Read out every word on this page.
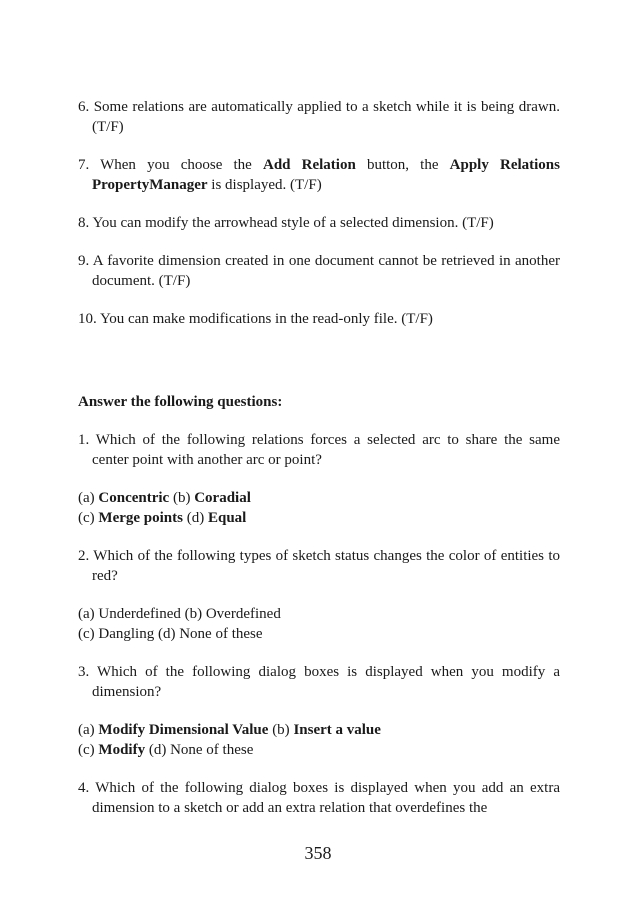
6. Some relations are automatically applied to a sketch while it is being drawn. (T/F)

7. When you choose the Add Relation button, the Apply Relations PropertyManager is displayed. (T/F)

8. You can modify the arrowhead style of a selected dimension. (T/F)

9. A favorite dimension created in one document cannot be retrieved in another document. (T/F)

10. You can make modifications in the read-only file. (T/F)

Answer the following questions:

1. Which of the following relations forces a selected arc to share the same center point with another arc or point?

(a) Concentric (b) Coradial

(c) Merge points (d) Equal

2. Which of the following types of sketch status changes the color of entities to red?

(a) Underdefined (b) Overdefined

(c) Dangling (d) None of these

3. Which of the following dialog boxes is displayed when you modify a dimension?

(a) Modify Dimensional Value (b) Insert a value

(c) Modify (d) None of these

4. Which of the following dialog boxes is displayed when you add an extra dimension to a sketch or add an extra relation that overdefines the

358
